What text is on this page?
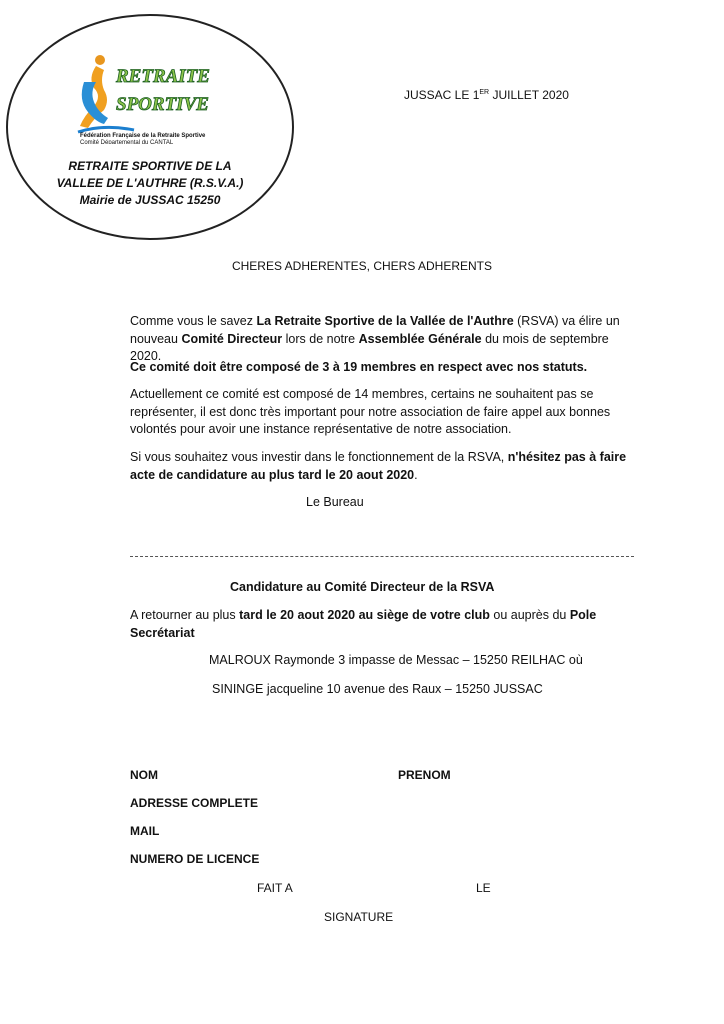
RETRAITE
SPORTIVE
Fédération Française de la Retraite Sportive
Comité Départemental du CANTAL
RETRAITE SPORTIVE DE LA
VALLEE DE L'AUTHRE (R.S.V.A.)
Mairie de JUSSAC 15250
JUSSAC LE 1ER JUILLET 2020
CHERES ADHERENTES, CHERS ADHERENTS

Comme vous le savez La Retraite Sportive de la Vallée de l'Authre (RSVA) va élire un nouveau Comité Directeur lors de notre Assemblée Générale du mois de septembre 2020.

Ce comité doit être composé de 3 à 19 membres en respect avec nos statuts.

Actuellement ce comité est composé de 14 membres, certains ne souhaitent pas se représenter, il est donc très important pour notre association de faire appel aux bonnes volontés pour avoir une instance représentative de notre association.

Si vous souhaitez vous investir dans le fonctionnement de la RSVA, n'hésitez pas à faire acte de candidature au plus tard le 20 aout 2020.

Le Bureau
Candidature au Comité Directeur de la RSVA

A retourner au plus tard le 20 aout 2020 au siège de votre club ou auprès du Pole Secrétariat

MALROUX Raymonde 3 impasse de Messac – 15250 REILHAC où
SININGE jacqueline 10 avenue des Raux – 15250 JUSSAC
NOM	PRENOM
ADRESSE COMPLETE
MAIL
NUMERO DE LICENCE
FAIT A	LE
SIGNATURE
